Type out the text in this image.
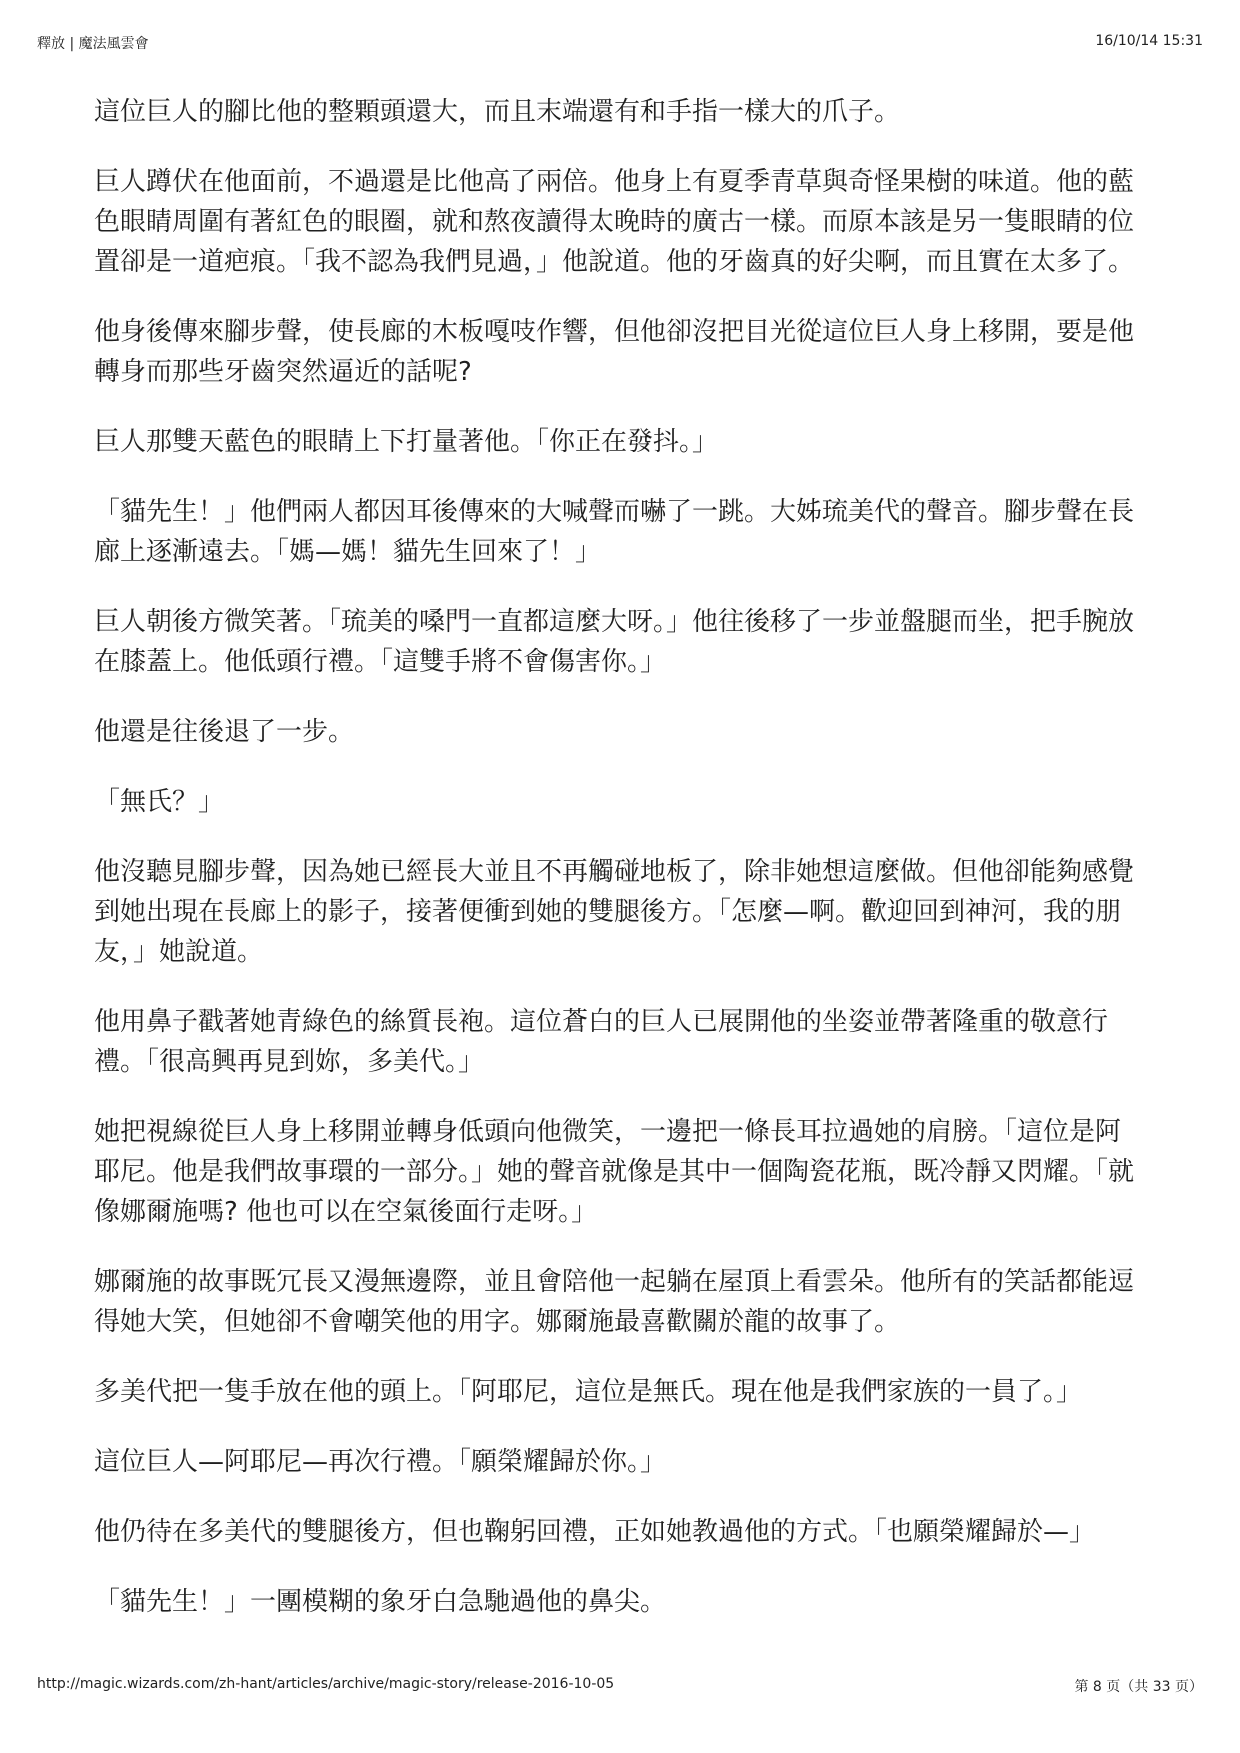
釋放 | 魔法風雲會	16/10/14 15:31

這位巨人的腳比他的整顆頭還大，而且末端還有和手指一樣大的爪子。

巨人蹲伏在他面前，不過還是比他高了兩倍。他身上有夏季青草與奇怪果樹的味道。他的藍色眼睛周圍有著紅色的眼圈，就和熬夜讀得太晚時的廣古一樣。而原本該是另一隻眼睛的位置卻是一道疤痕。「我不認為我們見過，」他說道。他的牙齒真的好尖啊，而且實在太多了。

他身後傳來腳步聲，使長廊的木板嘎吱作響，但他卻沒把目光從這位巨人身上移開，要是他轉身而那些牙齒突然逼近的話呢?

巨人那雙天藍色的眼睛上下打量著他。「你正在發抖。」

「貓先生！」他們兩人都因耳後傳來的大喊聲而嚇了一跳。大姊琉美代的聲音。腳步聲在長廊上逐漸遠去。「媽—媽！貓先生回來了！」

巨人朝後方微笑著。「琉美的嗓門一直都這麼大呀。」他往後移了一步並盤腿而坐，把手腕放在膝蓋上。他低頭行禮。「這雙手將不會傷害你。」

他還是往後退了一步。

「無氏？」

他沒聽見腳步聲，因為她已經長大並且不再觸碰地板了，除非她想這麼做。但他卻能夠感覺到她出現在長廊上的影子，接著便衝到她的雙腿後方。「怎麼—啊。歡迎回到神河，我的朋友，」她說道。

他用鼻子戳著她青綠色的絲質長袍。這位蒼白的巨人已展開他的坐姿並帶著隆重的敬意行禮。「很高興再見到妳，多美代。」

她把視線從巨人身上移開並轉身低頭向他微笑，一邊把一條長耳拉過她的肩膀。「這位是阿耶尼。他是我們故事環的一部分。」她的聲音就像是其中一個陶瓷花瓶，既冷靜又閃耀。「就像娜爾施嗎? 他也可以在空氣後面行走呀。」

娜爾施的故事既冗長又漫無邊際，並且會陪他一起躺在屋頂上看雲朵。他所有的笑話都能逗得她大笑，但她卻不會嘲笑他的用字。娜爾施最喜歡關於龍的故事了。

多美代把一隻手放在他的頭上。「阿耶尼，這位是無氏。現在他是我們家族的一員了。」

這位巨人—阿耶尼—再次行禮。「願榮耀歸於你。」

他仍待在多美代的雙腿後方，但也鞠躬回禮，正如她教過他的方式。「也願榮耀歸於—」

「貓先生！」一團模糊的象牙白急馳過他的鼻尖。

http://magic.wizards.com/zh-hant/articles/archive/magic-story/release-2016-10-05	第 8 页（共 33 页）
